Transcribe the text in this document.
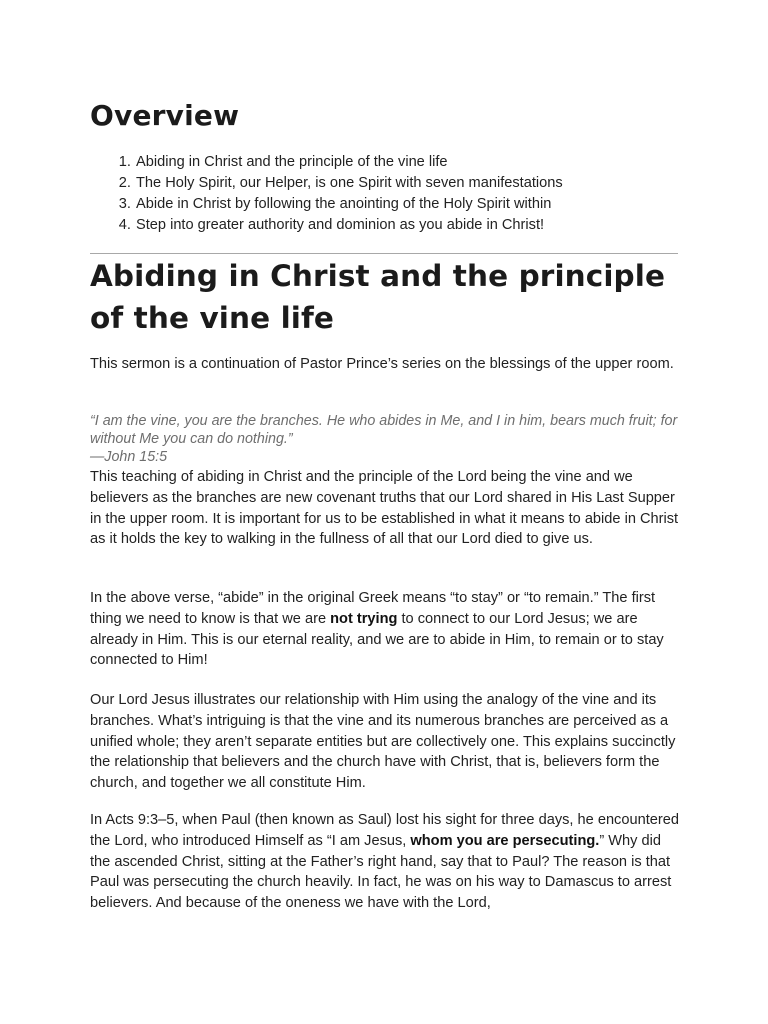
Overview
1. Abiding in Christ and the principle of the vine life
2. The Holy Spirit, our Helper, is one Spirit with seven manifestations
3. Abide in Christ by following the anointing of the Holy Spirit within
4. Step into greater authority and dominion as you abide in Christ!
Abiding in Christ and the principle of the vine life

This sermon is a continuation of Pastor Prince’s series on the blessings of the upper room.

“I am the vine, you are the branches. He who abides in Me, and I in him, bears much fruit; for without Me you can do nothing.”

—John 15:5

This teaching of abiding in Christ and the principle of the Lord being the vine and we believers as the branches are new covenant truths that our Lord shared in His Last Supper in the upper room. It is important for us to be established in what it means to abide in Christ as it holds the key to walking in the fullness of all that our Lord died to give us.

In the above verse, “abide” in the original Greek means “to stay” or “to remain.” The first thing we need to know is that we are not trying to connect to our Lord Jesus; we are already in Him. This is our eternal reality, and we are to abide in Him, to remain or to stay connected to Him!

Our Lord Jesus illustrates our relationship with Him using the analogy of the vine and its branches. What’s intriguing is that the vine and its numerous branches are perceived as a unified whole; they aren’t separate entities but are collectively one. This explains succinctly the relationship that believers and the church have with Christ, that is, believers form the church, and together we all constitute Him.

In Acts 9:3–5, when Paul (then known as Saul) lost his sight for three days, he encountered the Lord, who introduced Himself as “I am Jesus, whom you are persecuting.” Why did the ascended Christ, sitting at the Father’s right hand, say that to Paul? The reason is that Paul was persecuting the church heavily. In fact, he was on his way to Damascus to arrest believers. And because of the oneness we have with the Lord,
